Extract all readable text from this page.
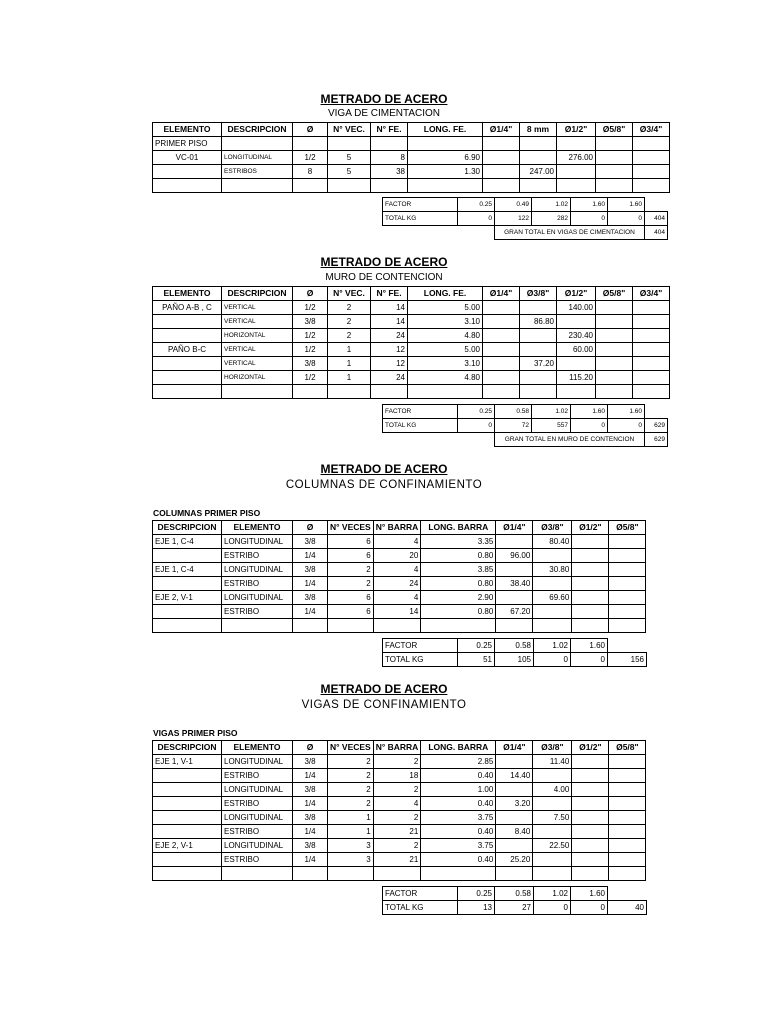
METRADO DE ACERO
VIGA DE CIMENTACION
ELEMENTO	DESCRIPCION	Ø	N° VEC.	N° FE.	LONG. FE.	Ø1/4"	8 mm	Ø1/2"	Ø5/8"	Ø3/4"
PRIMER PISO										
VC-01	LONGITUDINAL	1/2	5	8	6.90			276.00		
	ESTRIBOS	8	5	38	1.30		247.00			

FACTOR	0.25	0.49	1.02	1.60	1.60	
TOTAL KG	0	122	282	0	0	404
		GRAN TOTAL EN VIGAS DE CIMENTACION				404
METRADO DE ACERO
MURO DE CONTENCION
ELEMENTO	DESCRIPCION	Ø	N° VEC.	N° FE.	LONG. FE.	Ø1/4"	Ø3/8"	Ø1/2"	Ø5/8"	Ø3/4"
PAÑO A-B , C	VERTICAL	1/2	2	14	5.00			140.00		
	VERTICAL	3/8	2	14	3.10		86.80			
	HORIZONTAL	1/2	2	24	4.80			230.40		
PAÑO B-C	VERTICAL	1/2	1	12	5.00			60.00		
	VERTICAL	3/8	1	12	3.10		37.20			
	HORIZONTAL	1/2	1	24	4.80			115.20		

FACTOR	0.25	0.58	1.02	1.60	1.60	
TOTAL KG	0	72	557	0	0	629
		GRAN TOTAL EN MURO DE CONTENCION				629
METRADO DE ACERO
COLUMNAS DE CONFINAMIENTO
COLUMNAS PRIMER PISO
DESCRIPCION	ELEMENTO	Ø	N° VECES	N° BARRA	LONG. BARRA	Ø1/4"	Ø3/8"	Ø1/2"	Ø5/8"
EJE 1, C-4	LONGITUDINAL	3/8	6	4	3.35		80.40		
	ESTRIBO	1/4	6	20	0.80	96.00			
EJE 1, C-4	LONGITUDINAL	3/8	2	4	3.85		30.80		
	ESTRIBO	1/4	2	24	0.80	38.40			
EJE 2, V-1	LONGITUDINAL	3/8	6	4	2.90		69.60		
	ESTRIBO	1/4	6	14	0.80	67.20			

FACTOR	0.25	0.58	1.02	1.60	
TOTAL KG	51	105	0	0	156
METRADO DE ACERO
VIGAS DE CONFINAMIENTO
VIGAS PRIMER PISO
DESCRIPCION	ELEMENTO	Ø	N° VECES	N° BARRA	LONG. BARRA	Ø1/4"	Ø3/8"	Ø1/2"	Ø5/8"
EJE 1, V-1	LONGITUDINAL	3/8	2	2	2.85		11.40		
	ESTRIBO	1/4	2	18	0.40	14.40			
	LONGITUDINAL	3/8	2	2	1.00		4.00		
	ESTRIBO	1/4	2	4	0.40	3.20			
	LONGITUDINAL	3/8	1	2	3.75		7.50		
	ESTRIBO	1/4	1	21	0.40	8.40			
EJE 2, V-1	LONGITUDINAL	3/8	3	2	3.75		22.50		
	ESTRIBO	1/4	3	21	0.40	25.20			

FACTOR	0.25	0.58	1.02	1.60	
TOTAL KG	13	27	0	0	40
